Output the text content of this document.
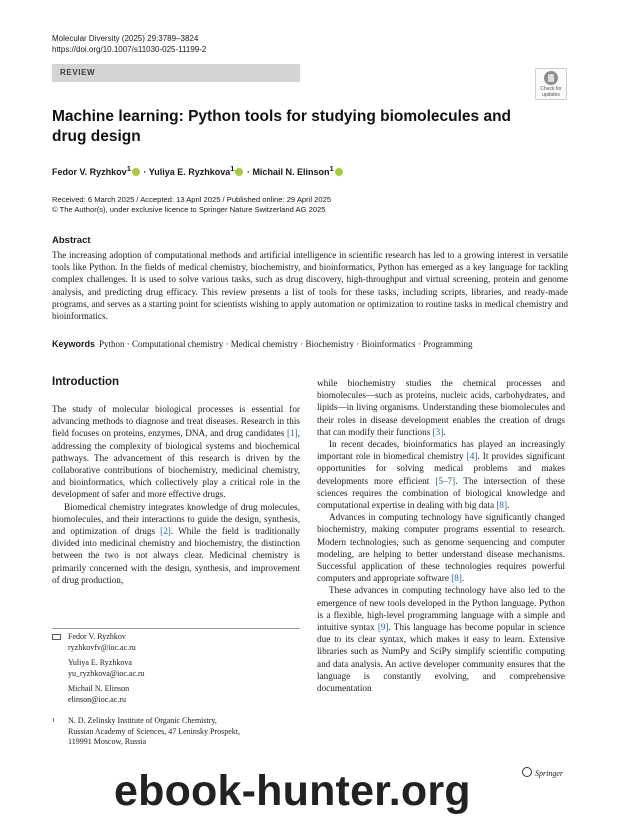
Molecular Diversity (2025) 29:3789–3824
https://doi.org/10.1007/s11030-025-11199-2
REVIEW
Check for
updates
Machine learning: Python tools for studying biomolecules and drug design
Fedor V. Ryzhkov$^1$ · Yuliya E. Ryzhkova$^1$ · Michail N. Elinson$^1$
Received: 6 March 2025 / Accepted: 13 April 2025 / Published online: 29 April 2025
© The Author(s), under exclusive licence to Springer Nature Switzerland AG 2025
Abstract

The increasing adoption of computational methods and artificial intelligence in scientific research has led to a growing interest in versatile tools like Python. In the fields of medical chemistry, biochemistry, and bioinformatics, Python has emerged as a key language for tackling complex challenges. It is used to solve various tasks, such as drug discovery, high-throughput and virtual screening, protein and genome analysis, and predicting drug efficacy. This review presents a list of tools for these tasks, including scripts, libraries, and ready-made programs, and serves as a starting point for scientists wishing to apply automation or optimization to routine tasks in medical chemistry and bioinformatics.

Keywords Python · Computational chemistry · Medical chemistry · Biochemistry · Bioinformatics · Programming
Introduction

The study of molecular biological processes is essential for advancing methods to diagnose and treat diseases. Research in this field focuses on proteins, enzymes, DNA, and drug candidates [1], addressing the complexity of biological systems and biochemical pathways. The advancement of this research is driven by the collaborative contributions of biochemistry, medicinal chemistry, and bioinformatics, which collectively play a critical role in the development of safer and more effective drugs.

Biomedical chemistry integrates knowledge of drug molecules, biomolecules, and their interactions to guide the design, synthesis, and optimization of drugs [2]. While the field is traditionally divided into medicinal chemistry and biochemistry, the distinction between the two is not always clear. Medicinal chemistry is primarily concerned with the design, synthesis, and improvement of drug production,

while biochemistry studies the chemical processes and biomolecules—such as proteins, nucleic acids, carbohydrates, and lipids—in living organisms. Understanding these biomolecules and their roles in disease development enables the creation of drugs that can modify their functions [3].

In recent decades, bioinformatics has played an increasingly important role in biomedical chemistry [4]. It provides significant opportunities for solving medical problems and makes developments more efficient [5–7]. The intersection of these sciences requires the combination of biological knowledge and computational expertise in dealing with big data [8].

Advances in computing technology have significantly changed biochemistry, making computer programs essential to research. Modern technologies, such as genome sequencing and computer modeling, are helping to better understand disease mechanisms. Successful application of these technologies requires powerful computers and appropriate software [8].

These advances in computing technology have also led to the emergence of new tools developed in the Python language. Python is a flexible, high-level programming language with a simple and intuitive syntax [9]. This language has become popular in science due to its clear syntax, which makes it easy to learn. Extensive libraries such as NumPy and SciPy simplify scientific computing and data analysis. An active developer community ensures that the language is constantly evolving, and comprehensive documentation

Fedor V. Ryzhkov
ryzhkovfv@ioc.ac.ru
Yuliya E. Ryzhkova
yu_ryzhkova@ioc.ac.ru
Michail N. Elinson
elinson@ioc.ac.ru
1 N. D. Zelinsky Institute of Organic Chemistry,
Russian Academy of Sciences, 47 Leninsky Prospekt,
119991 Moscow, Russia
Springer
ebook-hunter.org
